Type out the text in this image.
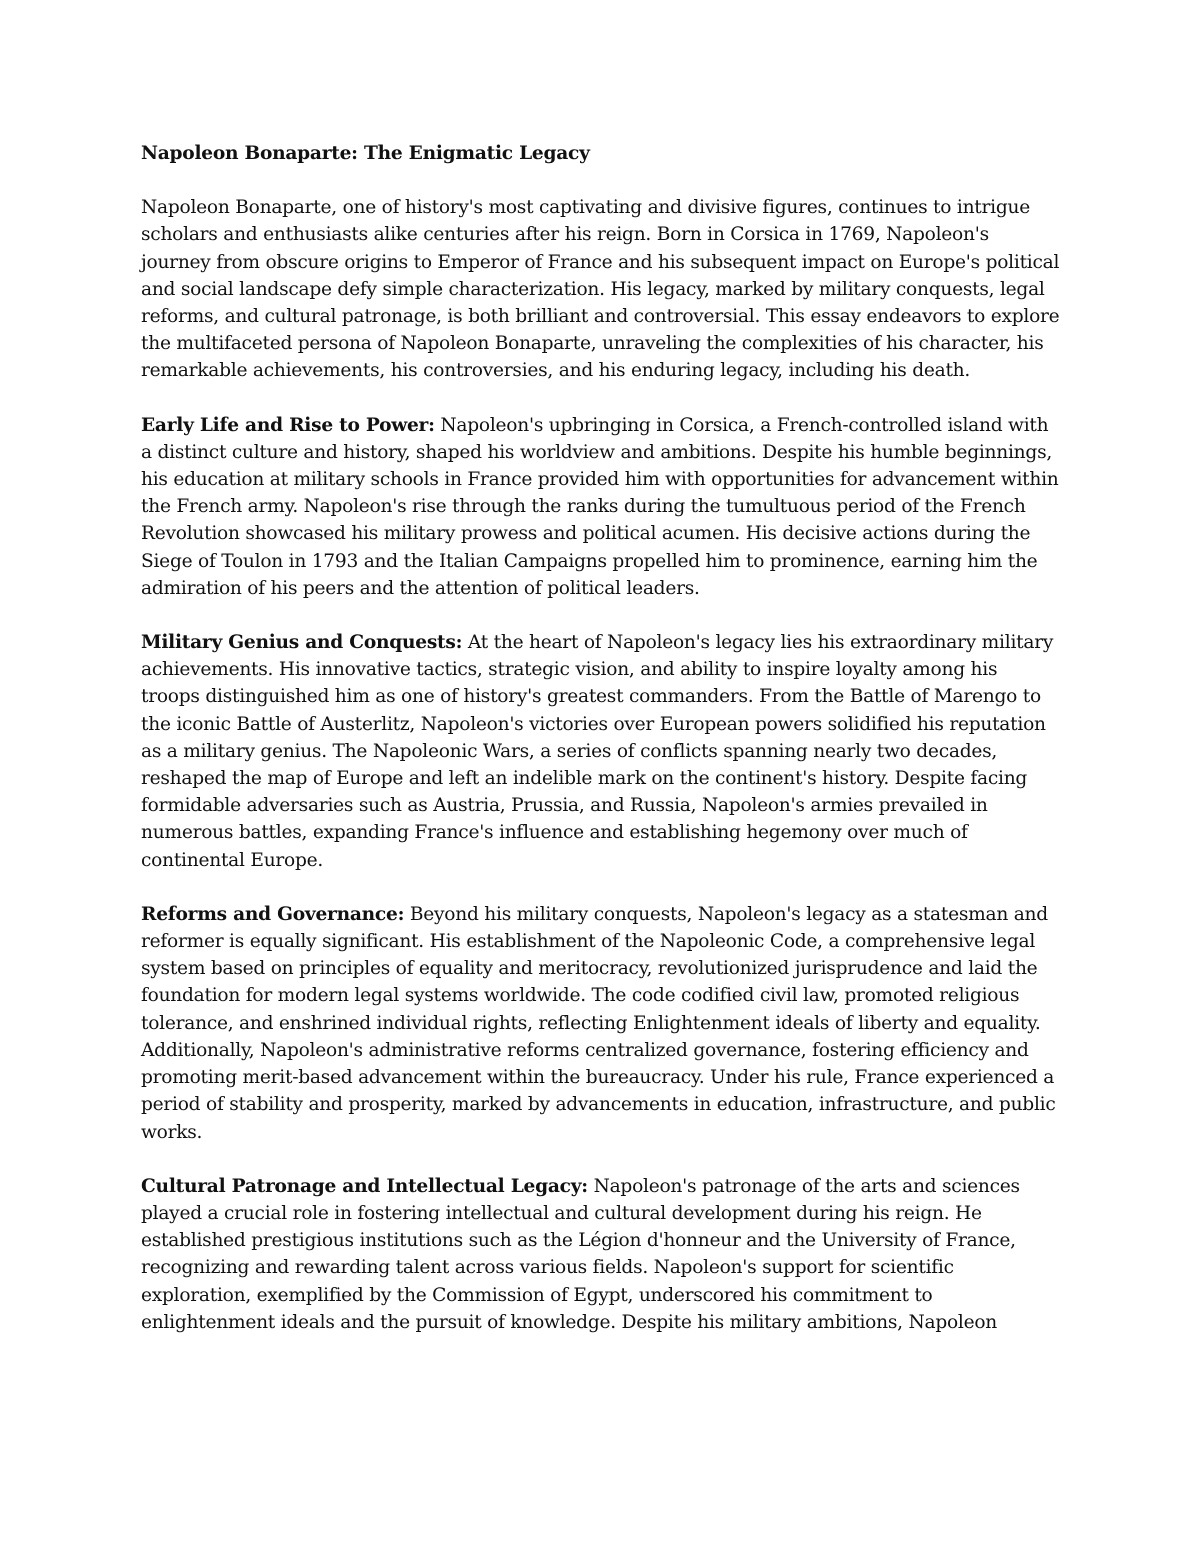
Napoleon Bonaparte: The Enigmatic Legacy

Napoleon Bonaparte, one of history's most captivating and divisive figures, continues to intrigue scholars and enthusiasts alike centuries after his reign. Born in Corsica in 1769, Napoleon's journey from obscure origins to Emperor of France and his subsequent impact on Europe's political and social landscape defy simple characterization. His legacy, marked by military conquests, legal reforms, and cultural patronage, is both brilliant and controversial. This essay endeavors to explore the multifaceted persona of Napoleon Bonaparte, unraveling the complexities of his character, his remarkable achievements, his controversies, and his enduring legacy, including his death.

Early Life and Rise to Power: Napoleon's upbringing in Corsica, a French-controlled island with a distinct culture and history, shaped his worldview and ambitions. Despite his humble beginnings, his education at military schools in France provided him with opportunities for advancement within the French army. Napoleon's rise through the ranks during the tumultuous period of the French Revolution showcased his military prowess and political acumen. His decisive actions during the Siege of Toulon in 1793 and the Italian Campaigns propelled him to prominence, earning him the admiration of his peers and the attention of political leaders.

Military Genius and Conquests: At the heart of Napoleon's legacy lies his extraordinary military achievements. His innovative tactics, strategic vision, and ability to inspire loyalty among his troops distinguished him as one of history's greatest commanders. From the Battle of Marengo to the iconic Battle of Austerlitz, Napoleon's victories over European powers solidified his reputation as a military genius. The Napoleonic Wars, a series of conflicts spanning nearly two decades, reshaped the map of Europe and left an indelible mark on the continent's history. Despite facing formidable adversaries such as Austria, Prussia, and Russia, Napoleon's armies prevailed in numerous battles, expanding France's influence and establishing hegemony over much of continental Europe.

Reforms and Governance: Beyond his military conquests, Napoleon's legacy as a statesman and reformer is equally significant. His establishment of the Napoleonic Code, a comprehensive legal system based on principles of equality and meritocracy, revolutionized jurisprudence and laid the foundation for modern legal systems worldwide. The code codified civil law, promoted religious tolerance, and enshrined individual rights, reflecting Enlightenment ideals of liberty and equality. Additionally, Napoleon's administrative reforms centralized governance, fostering efficiency and promoting merit-based advancement within the bureaucracy. Under his rule, France experienced a period of stability and prosperity, marked by advancements in education, infrastructure, and public works.

Cultural Patronage and Intellectual Legacy: Napoleon's patronage of the arts and sciences played a crucial role in fostering intellectual and cultural development during his reign. He established prestigious institutions such as the Légion d'honneur and the University of France, recognizing and rewarding talent across various fields. Napoleon's support for scientific exploration, exemplified by the Commission of Egypt, underscored his commitment to enlightenment ideals and the pursuit of knowledge. Despite his military ambitions, Napoleon
